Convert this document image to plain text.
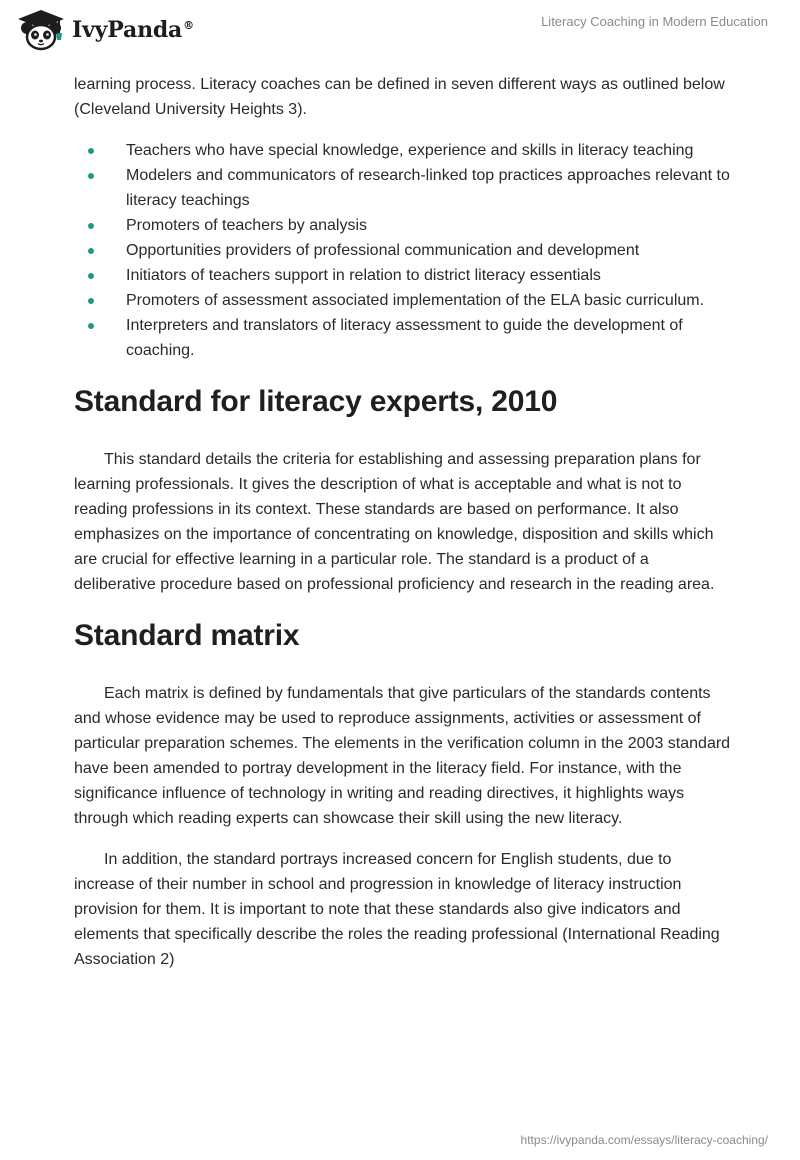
IvyPanda®	Literacy Coaching in Modern Education

learning process. Literacy coaches can be defined in seven different ways as outlined below (Cleveland University Heights 3).

Teachers who have special knowledge, experience and skills in literacy teaching
Modelers and communicators of research-linked top practices approaches relevant to literacy teachings
Promoters of teachers by analysis
Opportunities providers of professional communication and development
Initiators of teachers support in relation to district literacy essentials
Promoters of assessment associated implementation of the ELA basic curriculum.
Interpreters and translators of literacy assessment to guide the development of coaching.
Standard for literacy experts, 2010

This standard details the criteria for establishing and assessing preparation plans for learning professionals. It gives the description of what is acceptable and what is not to reading professions in its context. These standards are based on performance. It also emphasizes on the importance of concentrating on knowledge, disposition and skills which are crucial for effective learning in a particular role. The standard is a product of a deliberative procedure based on professional proficiency and research in the reading area.

Standard matrix

Each matrix is defined by fundamentals that give particulars of the standards contents and whose evidence may be used to reproduce assignments, activities or assessment of particular preparation schemes. The elements in the verification column in the 2003 standard have been amended to portray development in the literacy field. For instance, with the significance influence of technology in writing and reading directives, it highlights ways through which reading experts can showcase their skill using the new literacy.

In addition, the standard portrays increased concern for English students, due to increase of their number in school and progression in knowledge of literacy instruction provision for them. It is important to note that these standards also give indicators and elements that specifically describe the roles the reading professional (International Reading Association 2)

https://ivypanda.com/essays/literacy-coaching/
